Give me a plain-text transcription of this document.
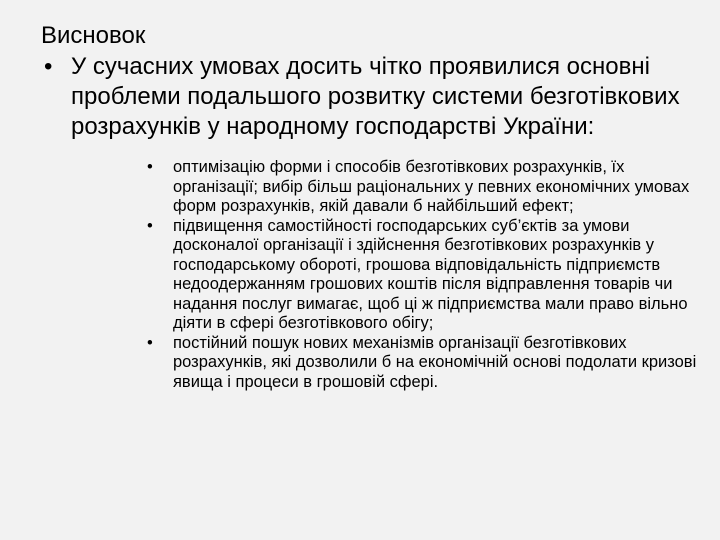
Висновок
• У сучасних умовах досить чітко проявилися основні проблеми подальшого розвитку системи безготівкових розрахунків у народному господарстві України:
• оптимізацію форми і способів безготівкових розрахунків, їх організації; вибір більш раціональних у певних економічних умовах форм розрахунків, якій давали б найбільший ефект;
• підвищення самостійності господарських суб’єктів за умови досконалої організації і здійснення безготівкових розрахунків у господарському обороті, грошова відповідальність підприємств недоодержанням грошових коштів після відправлення товарів чи надання послуг вимагає, щоб ці ж підприємства мали право вільно діяти в сфері безготівкового обігу;
• постійний пошук нових механізмів організації безготівкових розрахунків, які дозволили б на економічній основі подолати кризові явища і процеси в грошовій сфері.
